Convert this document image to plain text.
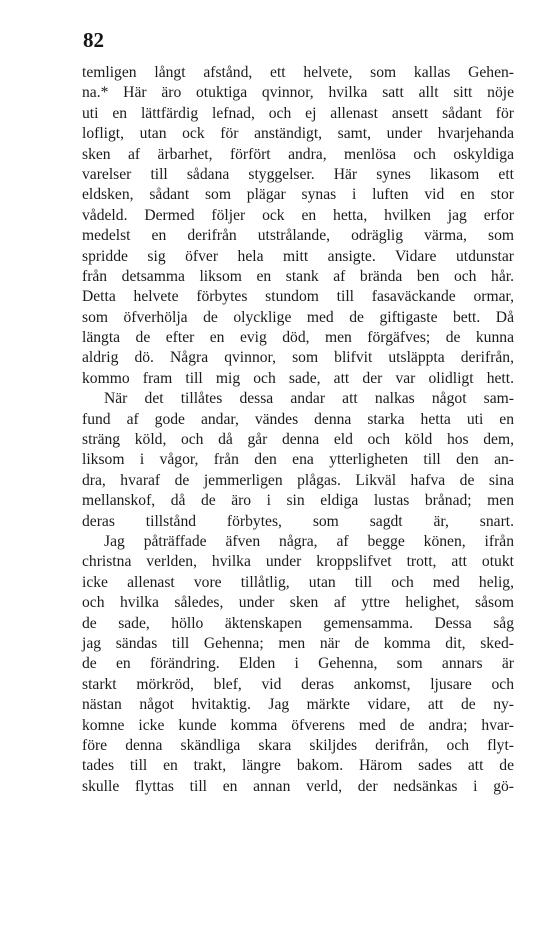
82
temligen långt afstånd, ett helvete, som kallas Gehen-
na.* Här äro otuktiga qvinnor, hvilka satt allt sitt nöje
uti en lättfärdig lefnad, och ej allenast ansett sådant för
lofligt, utan ock för anständigt, samt, under hvarjehanda
sken af ärbarhet, förfört andra, menlösa och oskyldiga
varelser till sådana styggelser. Här synes likasom ett
eldsken, sådant som plägar synas i luften vid en stor
vådeld. Dermed följer ock en hetta, hvilken jag erfor
medelst en derifrån utstrålande, odräglig värma, som
spridde sig öfver hela mitt ansigte. Vidare utdunstar
från detsamma liksom en stank af brända ben och hår.
Detta helvete förbytes stundom till fasaväckande ormar,
som öfverhölja de olycklige med de giftigaste bett. Då
längta de efter en evig död, men förgäfves; de kunna
aldrig dö. Några qvinnor, som blifvit utsläppta derifrån,
kommo fram till mig och sade, att der var olidligt hett.
När det tillåtes dessa andar att nalkas något sam-
fund af gode andar, vändes denna starka hetta uti en
sträng köld, och då går denna eld och köld hos dem,
liksom i vågor, från den ena ytterligheten till den an-
dra, hvaraf de jemmerligen plågas. Likväl hafva de sina
mellanskof, då de äro i sin eldiga lustas brånad; men
deras tillstånd förbytes, som sagdt är, snart.
Jag påträffade äfven några, af begge könen, ifrån
christna verlden, hvilka under kroppslifvet trott, att otukt
icke allenast vore tillåtlig, utan till och med helig,
och hvilka således, under sken af yttre helighet, såsom
de sade, höllo äktenskapen gemensamma. Dessa såg
jag sändas till Gehenna; men när de komma dit, sked-
de en förändring. Elden i Gehenna, som annars är
starkt mörkröd, blef, vid deras ankomst, ljusare och
nästan något hvitaktig. Jag märkte vidare, att de ny-
komne icke kunde komma öfverens med de andra; hvar-
före denna skändliga skara skiljdes derifrån, och flyt-
tades till en trakt, längre bakom. Härom sades att de
skulle flyttas till en annan verld, der nedsänkas i gö-
